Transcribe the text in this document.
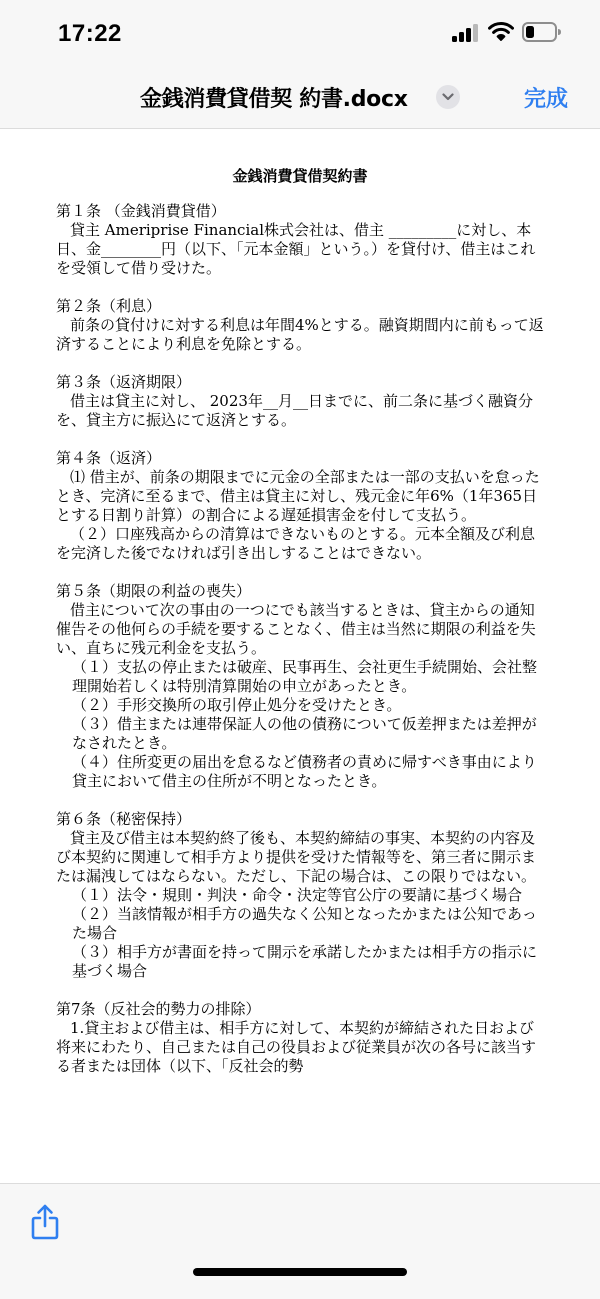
17:22
金銭消費貸借契 約書.docx	完成
金銭消費貸借契約書

第１条 （金銭消費貸借）

貸主 Ameriprise Financial株式会社は、借主 _________に対し、本日、金________円（以下、「元本金額」という。）を貸付け、借主はこれを受領して借り受けた。

第２条（利息）

前条の貸付けに対する利息は年間4%とする。融資期間内に前もって返済することにより利息を免除とする。

第３条（返済期限）

借主は貸主に対し、 2023年__月__日までに、前二条に基づく融資分を、貸主方に振込にて返済とする。

第４条（返済）

⑴ 借主が、前条の期限までに元金の全部または一部の支払いを怠ったとき、完済に至るまで、借主は貸主に対し、残元金に年6%（1年365日とする日割り計算）の割合による遅延損害金を付して支払う。

（２）口座残高からの清算はできないものとする。元本全額及び利息を完済した後でなければ引き出しすることはできない。

第５条（期限の利益の喪失）

借主について次の事由の一つにでも該当するときは、貸主からの通知催告その他何らの手続を要することなく、借主は当然に期限の利益を失い、直ちに残元利金を支払う。

（１）支払の停止または破産、民事再生、会社更生手続開始、会社整理開始若しくは特別清算開始の申立があったとき。

（２）手形交換所の取引停止処分を受けたとき。

（３）借主または連帯保証人の他の債務について仮差押または差押がなされたとき。

（４）住所変更の届出を怠るなど債務者の責めに帰すべき事由により貸主において借主の住所が不明となったとき。

第６条（秘密保持）

貸主及び借主は本契約終了後も、本契約締結の事実、本契約の内容及び本契約に関連して相手方より提供を受けた情報等を、第三者に開示または漏洩してはならない。ただし、下記の場合は、この限りではない。

（１）法令・規則・判決・命令・決定等官公庁の要請に基づく場合

（２）当該情報が相手方の過失なく公知となったかまたは公知であった場合

（３）相手方が書面を持って開示を承諾したかまたは相手方の指示に基づく場合

第7条（反社会的勢力の排除）

1.貸主および借主は、相手方に対して、本契約が締結された日および将来にわたり、自己または自己の役員および従業員が次の各号に該当する者または団体（以下、「反社会的勢
